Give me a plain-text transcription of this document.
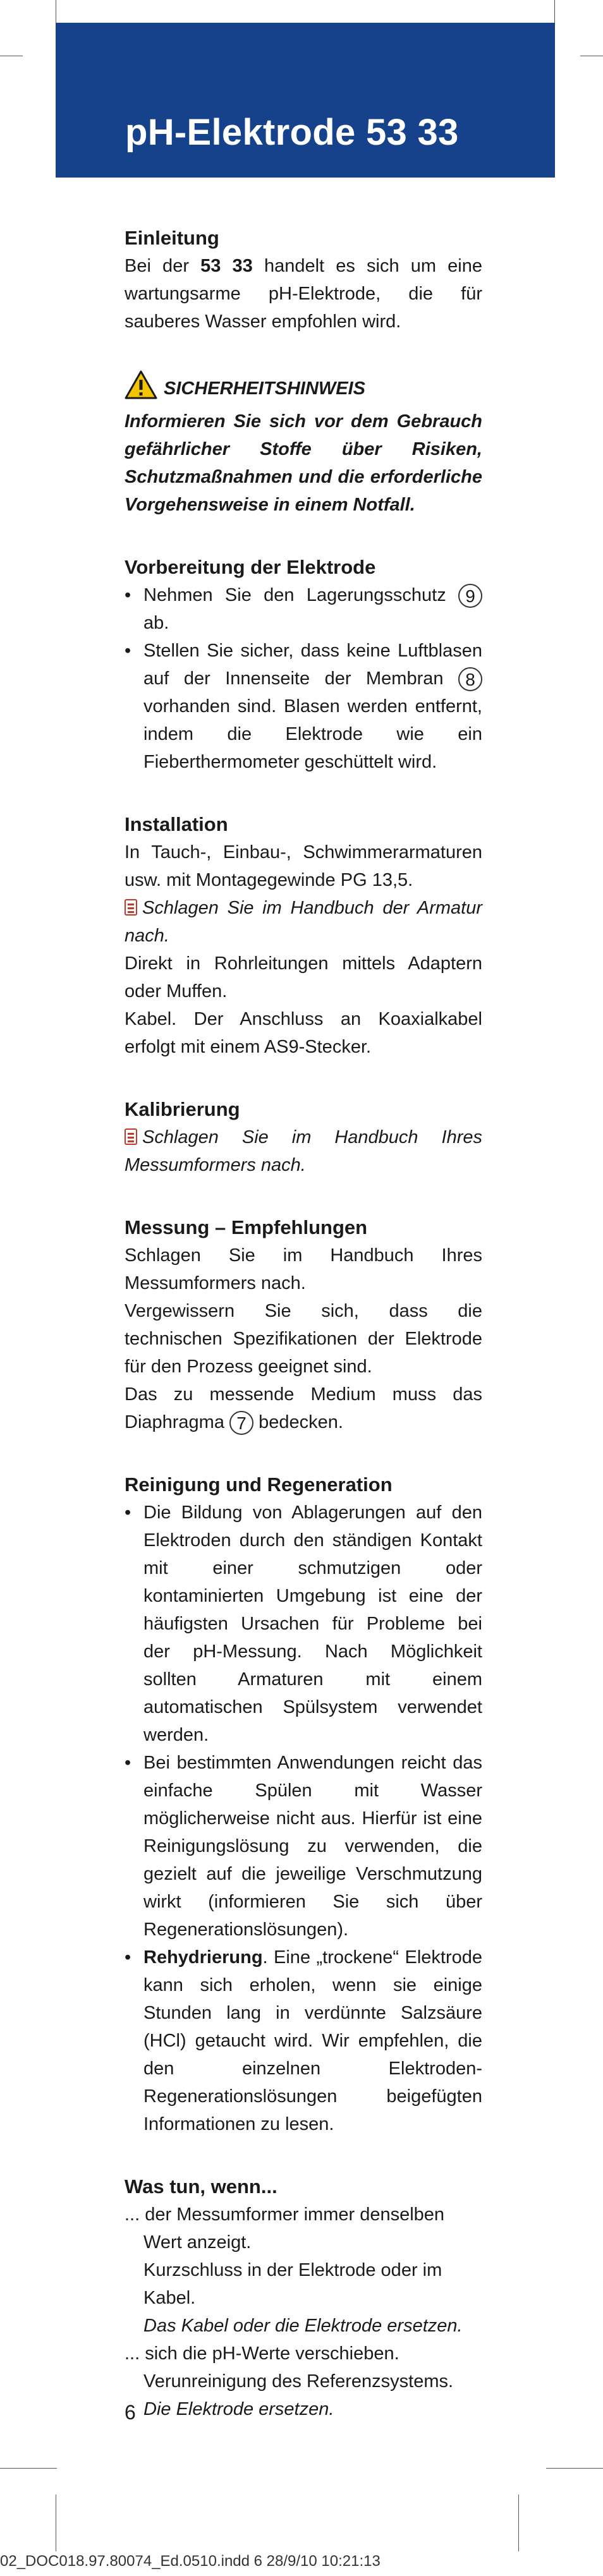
pH-Elektrode 53 33

Einleitung

Bei der 53 33 handelt es sich um eine wartungsarme pH-Elektrode, die für sauberes Wasser empfohlen wird.

SICHERHEITSHINWEIS

Informieren Sie sich vor dem Gebrauch gefährlicher Stoffe über Risiken, Schutzmaßnahmen und die erforderliche Vorgehensweise in einem Notfall.

Vorbereitung der Elektrode

• Nehmen Sie den Lagerungsschutz 9 ab.
• Stellen Sie sicher, dass keine Luftblasen auf der Innenseite der Membran 8 vorhanden sind. Blasen werden entfernt, indem die Elektrode wie ein Fieberthermometer geschüttelt wird.

Installation

In Tauch-, Einbau-, Schwimmerarmaturen usw. mit Montagegewinde PG 13,5.

Schlagen Sie im Handbuch der Armatur nach.

Direkt in Rohrleitungen mittels Adaptern oder Muffen.

Kabel. Der Anschluss an Koaxialkabel erfolgt mit einem AS9-Stecker.

Kalibrierung

Schlagen Sie im Handbuch Ihres Messumformers nach.

Messung – Empfehlungen

Schlagen Sie im Handbuch Ihres Messumformers nach.

Vergewissern Sie sich, dass die technischen Spezifikationen der Elektrode für den Prozess geeignet sind.

Das zu messende Medium muss das Diaphragma 7 bedecken.

Reinigung und Regeneration

• Die Bildung von Ablagerungen auf den Elektroden durch den ständigen Kontakt mit einer schmutzigen oder kontaminierten Umgebung ist eine der häufigsten Ursachen für Probleme bei der pH-Messung. Nach Möglichkeit sollten Armaturen mit einem automatischen Spülsystem verwendet werden.
• Bei bestimmten Anwendungen reicht das einfache Spülen mit Wasser möglicherweise nicht aus. Hierfür ist eine Reinigungslösung zu verwenden, die gezielt auf die jeweilige Verschmutzung wirkt (informieren Sie sich über Regenerationslösungen).
• Rehydrierung. Eine „trockene“ Elektrode kann sich erholen, wenn sie einige Stunden lang in verdünnte Salzsäure (HCl) getaucht wird. Wir empfehlen, die den einzelnen Elektroden-Regenerationslösungen beigefügten Informationen zu lesen.

Was tun, wenn...

... der Messumformer immer denselben Wert anzeigt.

Kurzschluss in der Elektrode oder im Kabel.

Das Kabel oder die Elektrode ersetzen.

... sich die pH-Werte verschieben.

Verunreinigung des Referenzsystems.

Die Elektrode ersetzen.

6
02_DOC018.97.80074_Ed.0510.indd 6 28/9/10 10:21:13
